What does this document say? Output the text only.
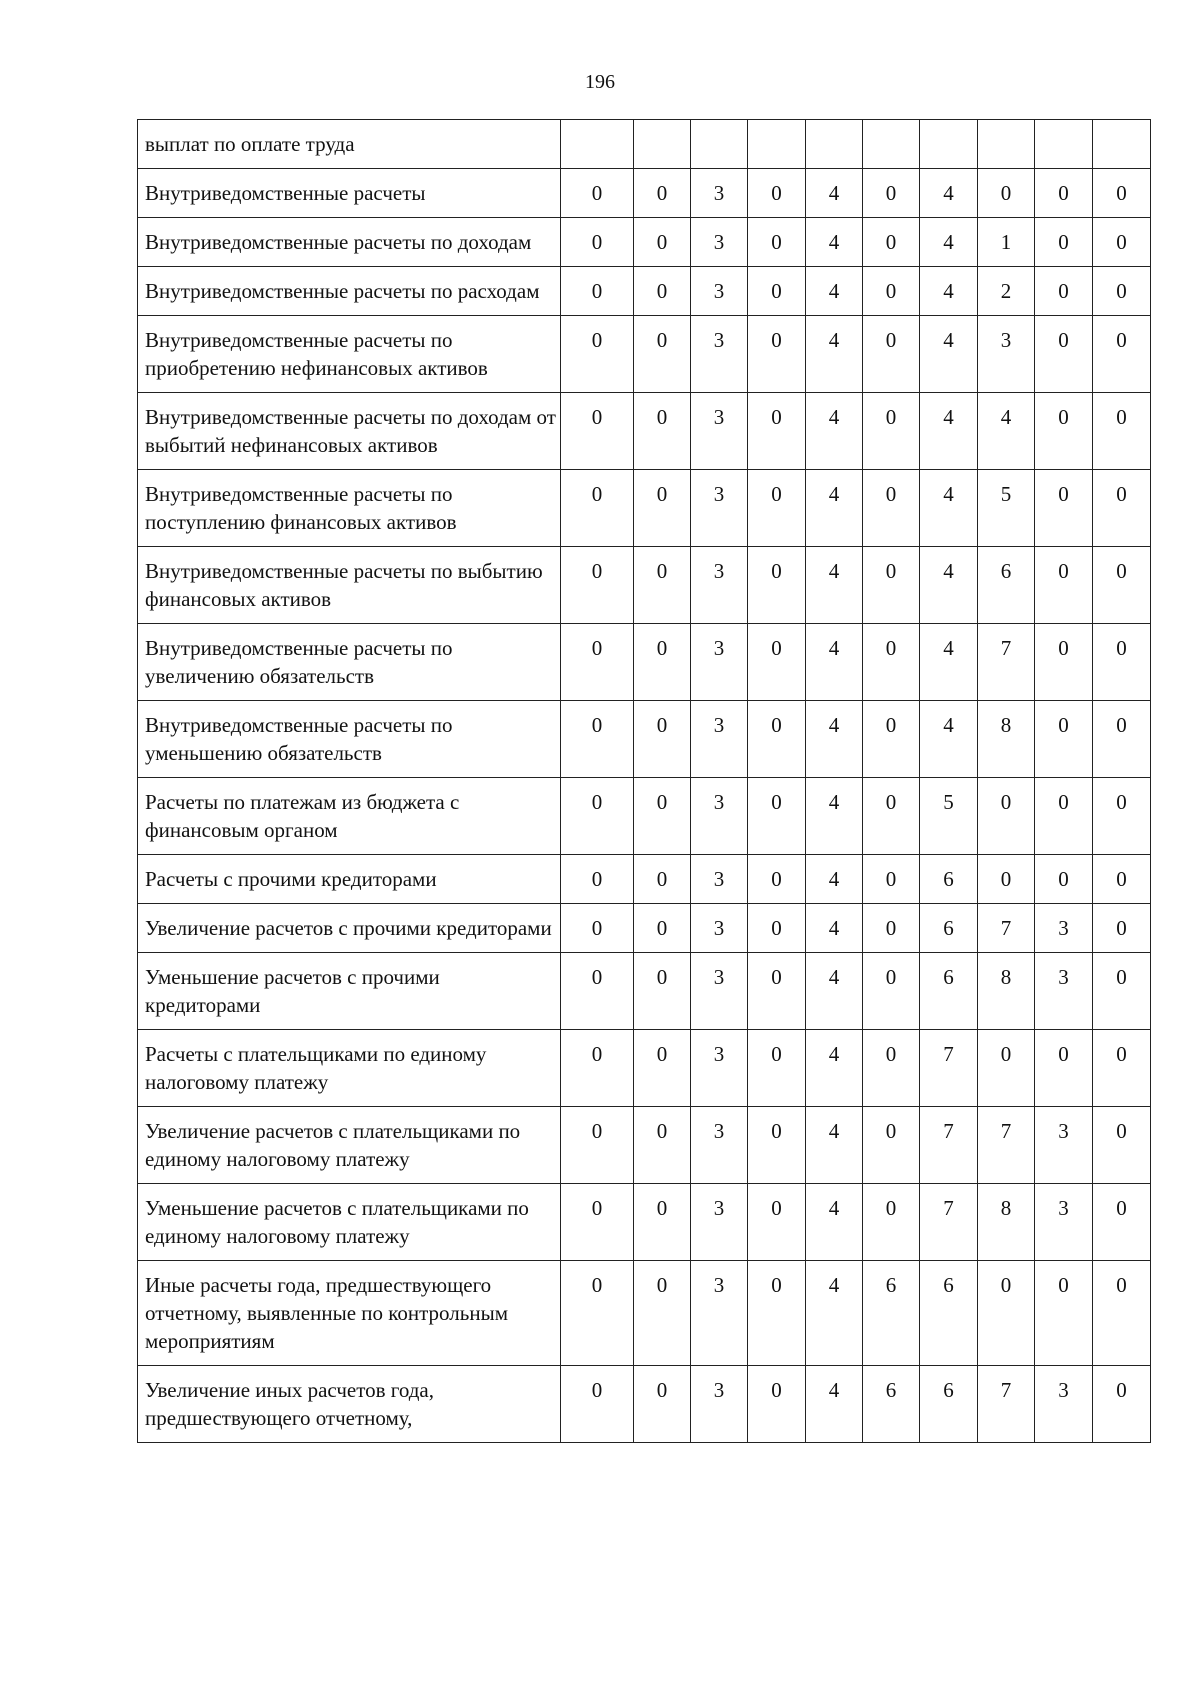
196
выплат по оплате труда										
Внутриведомственные расчеты	0	0	3	0	4	0	4	0	0	0
Внутриведомственные расчеты по доходам	0	0	3	0	4	0	4	1	0	0
Внутриведомственные расчеты по расходам	0	0	3	0	4	0	4	2	0	0
Внутриведомственные расчеты по приобретению нефинансовых активов	0	0	3	0	4	0	4	3	0	0
Внутриведомственные расчеты по доходам от выбытий нефинансовых активов	0	0	3	0	4	0	4	4	0	0
Внутриведомственные расчеты по поступлению финансовых активов	0	0	3	0	4	0	4	5	0	0
Внутриведомственные расчеты по выбытию финансовых активов	0	0	3	0	4	0	4	6	0	0
Внутриведомственные расчеты по увеличению обязательств	0	0	3	0	4	0	4	7	0	0
Внутриведомственные расчеты по уменьшению обязательств	0	0	3	0	4	0	4	8	0	0
Расчеты по платежам из бюджета с финансовым органом	0	0	3	0	4	0	5	0	0	0
Расчеты с прочими кредиторами	0	0	3	0	4	0	6	0	0	0
Увеличение расчетов с прочими кредиторами	0	0	3	0	4	0	6	7	3	0
Уменьшение расчетов с прочими кредиторами	0	0	3	0	4	0	6	8	3	0
Расчеты с плательщиками по единому налоговому платежу	0	0	3	0	4	0	7	0	0	0
Увеличение расчетов с плательщиками по единому налоговому платежу	0	0	3	0	4	0	7	7	3	0
Уменьшение расчетов с плательщиками по единому налоговому платежу	0	0	3	0	4	0	7	8	3	0
Иные расчеты года, предшествующего отчетному, выявленные по контрольным мероприятиям	0	0	3	0	4	6	6	0	0	0
Увеличение иных расчетов года, предшествующего отчетному,	0	0	3	0	4	6	6	7	3	0
